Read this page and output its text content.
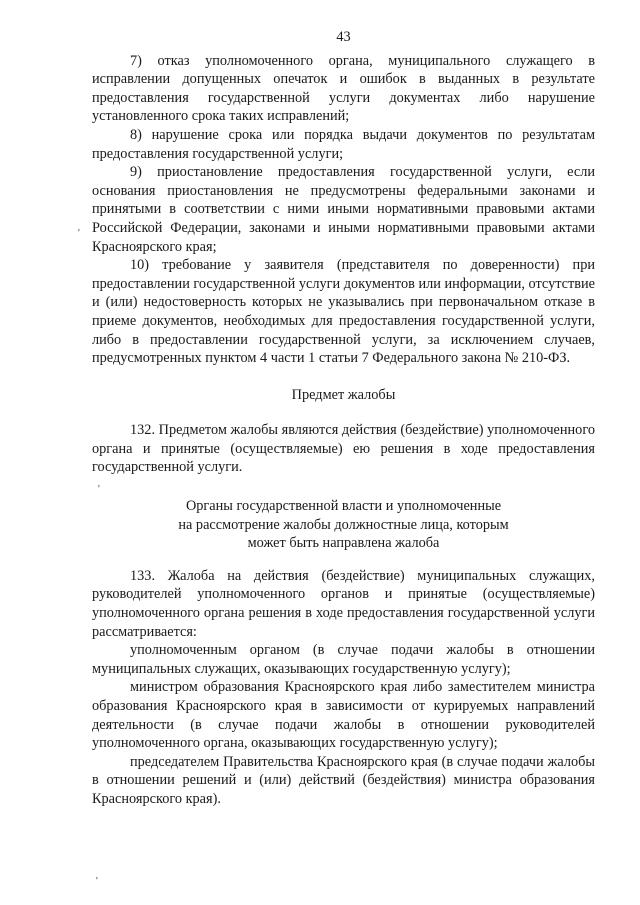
'
'
'
43

7) отказ уполномоченного органа, муниципального служащего в исправлении допущенных опечаток и ошибок в выданных в результате предоставления государственной услуги документах либо нарушение установленного срока таких исправлений;

8) нарушение срока или порядка выдачи документов по результатам предоставления государственной услуги;

9) приостановление предоставления государственной услуги, если основания приостановления не предусмотрены федеральными законами и принятыми в соответствии с ними иными нормативными правовыми актами Российской Федерации, законами и иными нормативными правовыми актами Красноярского края;

10) требование у заявителя (представителя по доверенности) при предоставлении государственной услуги документов или информации, отсутствие и (или) недостоверность которых не указывались при первоначальном отказе в приеме документов, необходимых для предоставления государственной услуги, либо в предоставлении государственной услуги, за исключением случаев, предусмотренных пунктом 4 части 1 статьи 7 Федерального закона № 210-ФЗ.

Предмет жалобы

132. Предметом жалобы являются действия (бездействие) уполномоченного органа и принятые (осуществляемые) ею решения в ходе предоставления государственной услуги.

Органы государственной власти и уполномоченные
на рассмотрение жалобы должностные лица, которым
может быть направлена жалоба

133. Жалоба на действия (бездействие) муниципальных служащих, руководителей уполномоченного органов и принятые (осуществляемые) уполномоченного органа решения в ходе предоставления государственной услуги рассматривается:

уполномоченным органом (в случае подачи жалобы в отношении муниципальных служащих, оказывающих государственную услугу);

министром образования Красноярского края либо заместителем министра образования Красноярского края в зависимости от курируемых направлений деятельности (в случае подачи жалобы в отношении руководителей уполномоченного органа, оказывающих государственную услугу);

председателем Правительства Красноярского края (в случае подачи жалобы в отношении решений и (или) действий (бездействия) министра образования Красноярского края).
